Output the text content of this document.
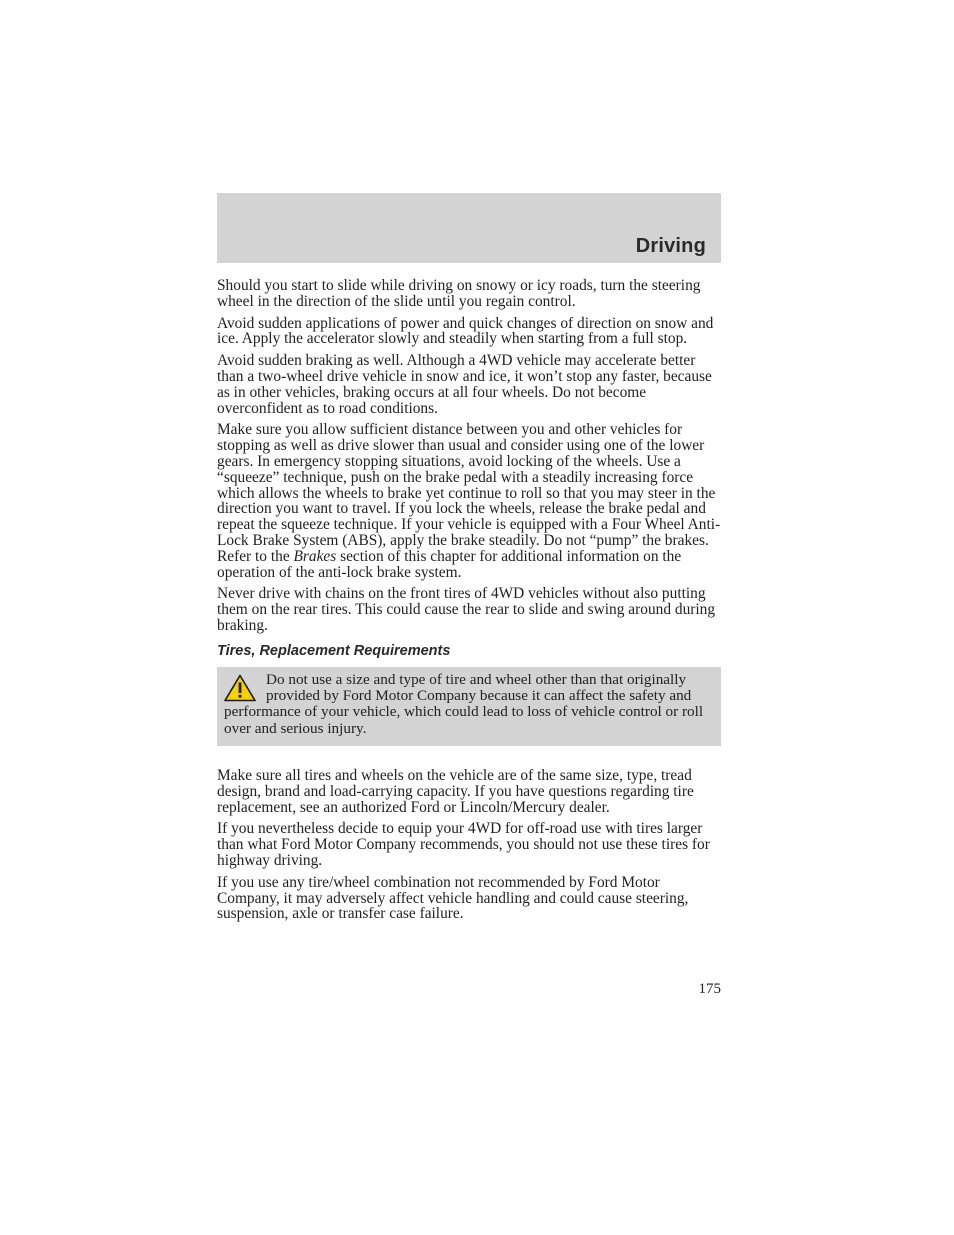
Driving

Should you start to slide while driving on snowy or icy roads, turn the steering wheel in the direction of the slide until you regain control.

Avoid sudden applications of power and quick changes of direction on snow and ice. Apply the accelerator slowly and steadily when starting from a full stop.

Avoid sudden braking as well. Although a 4WD vehicle may accelerate better than a two-wheel drive vehicle in snow and ice, it won’t stop any faster, because as in other vehicles, braking occurs at all four wheels. Do not become overconfident as to road conditions.

Make sure you allow sufficient distance between you and other vehicles for stopping as well as drive slower than usual and consider using one of the lower gears. In emergency stopping situations, avoid locking of the wheels. Use a “squeeze” technique, push on the brake pedal with a steadily increasing force which allows the wheels to brake yet continue to roll so that you may steer in the direction you want to travel. If you lock the wheels, release the brake pedal and repeat the squeeze technique. If your vehicle is equipped with a Four Wheel Anti-Lock Brake System (ABS), apply the brake steadily. Do not “pump” the brakes. Refer to the Brakes section of this chapter for additional information on the operation of the anti-lock brake system.

Never drive with chains on the front tires of 4WD vehicles without also putting them on the rear tires. This could cause the rear to slide and swing around during braking.

Tires, Replacement Requirements
Do not use a size and type of tire and wheel other than that originally provided by Ford Motor Company because it can affect the safety and performance of your vehicle, which could lead to loss of vehicle control or roll over and serious injury.

Make sure all tires and wheels on the vehicle are of the same size, type, tread design, brand and load-carrying capacity. If you have questions regarding tire replacement, see an authorized Ford or Lincoln/Mercury dealer.

If you nevertheless decide to equip your 4WD for off-road use with tires larger than what Ford Motor Company recommends, you should not use these tires for highway driving.

If you use any tire/wheel combination not recommended by Ford Motor Company, it may adversely affect vehicle handling and could cause steering, suspension, axle or transfer case failure.

175
